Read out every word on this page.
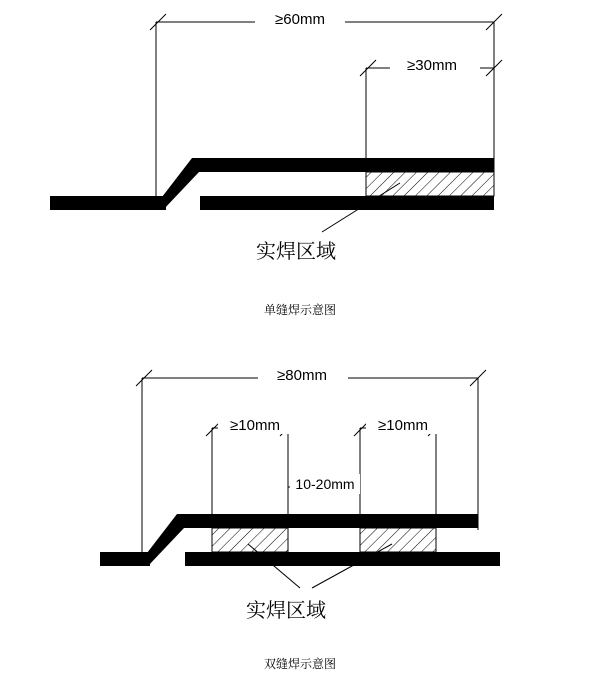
≥60mm
≥30mm
实焊区域
单缝焊示意图
≥80mm
≥10mm	≥10mm
10-20mm
实焊区域
双缝焊示意图
